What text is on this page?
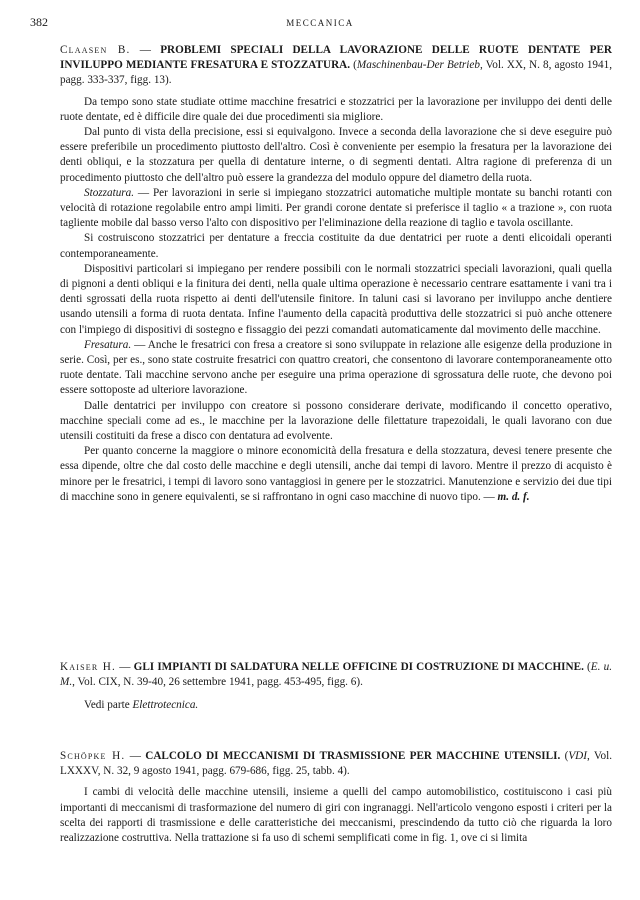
382	MECCANICA

Claasen B. — PROBLEMI SPECIALI DELLA LAVORAZIONE DELLE RUOTE DENTATE PER INVILUPPO MEDIANTE FRESATURA E STOZZATURA. (Maschinenbau-Der Betrieb, Vol. XX, N. 8, agosto 1941, pagg. 333-337, figg. 13).

Da tempo sono state studiate ottime macchine fresatrici e stozzatrici per la lavorazione per inviluppo dei denti delle ruote dentate, ed è difficile dire quale dei due procedimenti sia migliore.

Dal punto di vista della precisione, essi si equivalgono. Invece a seconda della lavorazione che si deve eseguire può essere preferibile un procedimento piuttosto dell'altro. Così è conveniente per esempio la fresatura per la lavorazione dei denti obliqui, e la stozzatura per quella di dentature interne, o di segmenti dentati. Altra ragione di preferenza di un procedimento piuttosto che dell'altro può essere la grandezza del modulo oppure del diametro della ruota.

Stozzatura. — Per lavorazioni in serie si impiegano stozzatrici automatiche multiple montate su banchi rotanti con velocità di rotazione regolabile entro ampi limiti. Per grandi corone dentate si preferisce il taglio « a trazione », con ruota tagliente mobile dal basso verso l'alto con dispositivo per l'eliminazione della reazione di taglio e tavola oscillante.

Si costruiscono stozzatrici per dentature a freccia costituite da due dentatrici per ruote a denti elicoidali operanti contemporaneamente.

Dispositivi particolari si impiegano per rendere possibili con le normali stozzatrici speciali lavorazioni, quali quella di pignoni a denti obliqui e la finitura dei denti, nella quale ultima operazione è necessario centrare esattamente i vani tra i denti sgrossati della ruota rispetto ai denti dell'utensile finitore. In taluni casi si lavorano per inviluppo anche dentiere usando utensili a forma di ruota dentata. Infine l'aumento della capacità produttiva delle stozzatrici si può anche ottenere con l'impiego di dispositivi di sostegno e fissaggio dei pezzi comandati automaticamente dal movimento delle macchine.

Fresatura. — Anche le fresatrici con fresa a creatore si sono sviluppate in relazione alle esigenze della produzione in serie. Così, per es., sono state costruite fresatrici con quattro creatori, che consentono di lavorare contemporaneamente otto ruote dentate. Tali macchine servono anche per eseguire una prima operazione di sgrossatura delle ruote, che devono poi essere sottoposte ad ulteriore lavorazione.

Dalle dentatrici per inviluppo con creatore si possono considerare derivate, modificando il concetto operativo, macchine speciali come ad es., le macchine per la lavorazione delle filettature trapezoidali, le quali lavorano con due utensili costituiti da frese a disco con dentatura ad evolvente.

Per quanto concerne la maggiore o minore economicità della fresatura e della stozzatura, devesi tenere presente che essa dipende, oltre che dal costo delle macchine e degli utensili, anche dai tempi di lavoro. Mentre il prezzo di acquisto è minore per le fresatrici, i tempi di lavoro sono vantaggiosi in genere per le stozzatrici. Manutenzione e servizio dei due tipi di macchine sono in genere equivalenti, se si raffrontano in ogni caso macchine di nuovo tipo. — m. d. f.

Kaiser H. — GLI IMPIANTI DI SALDATURA NELLE OFFICINE DI COSTRUZIONE DI MACCHINE. (E. u. M., Vol. CIX, N. 39-40, 26 settembre 1941, pagg. 453-495, figg. 6).

Vedi parte Elettrotecnica.

Schöpke H. — CALCOLO DI MECCANISMI DI TRASMISSIONE PER MACCHINE UTENSILI. (VDI, Vol. LXXXV, N. 32, 9 agosto 1941, pagg. 679-686, figg. 25, tabb. 4).

I cambi di velocità delle macchine utensili, insieme a quelli del campo automobilistico, costituiscono i casi più importanti di meccanismi di trasformazione del numero di giri con ingranaggi. Nell'articolo vengono esposti i criteri per la scelta dei rapporti di trasmissione e delle caratteristiche dei meccanismi, prescindendo da tutto ciò che riguarda la loro realizzazione costruttiva. Nella trattazione si fa uso di schemi semplificati come in fig. 1, ove ci si limita
